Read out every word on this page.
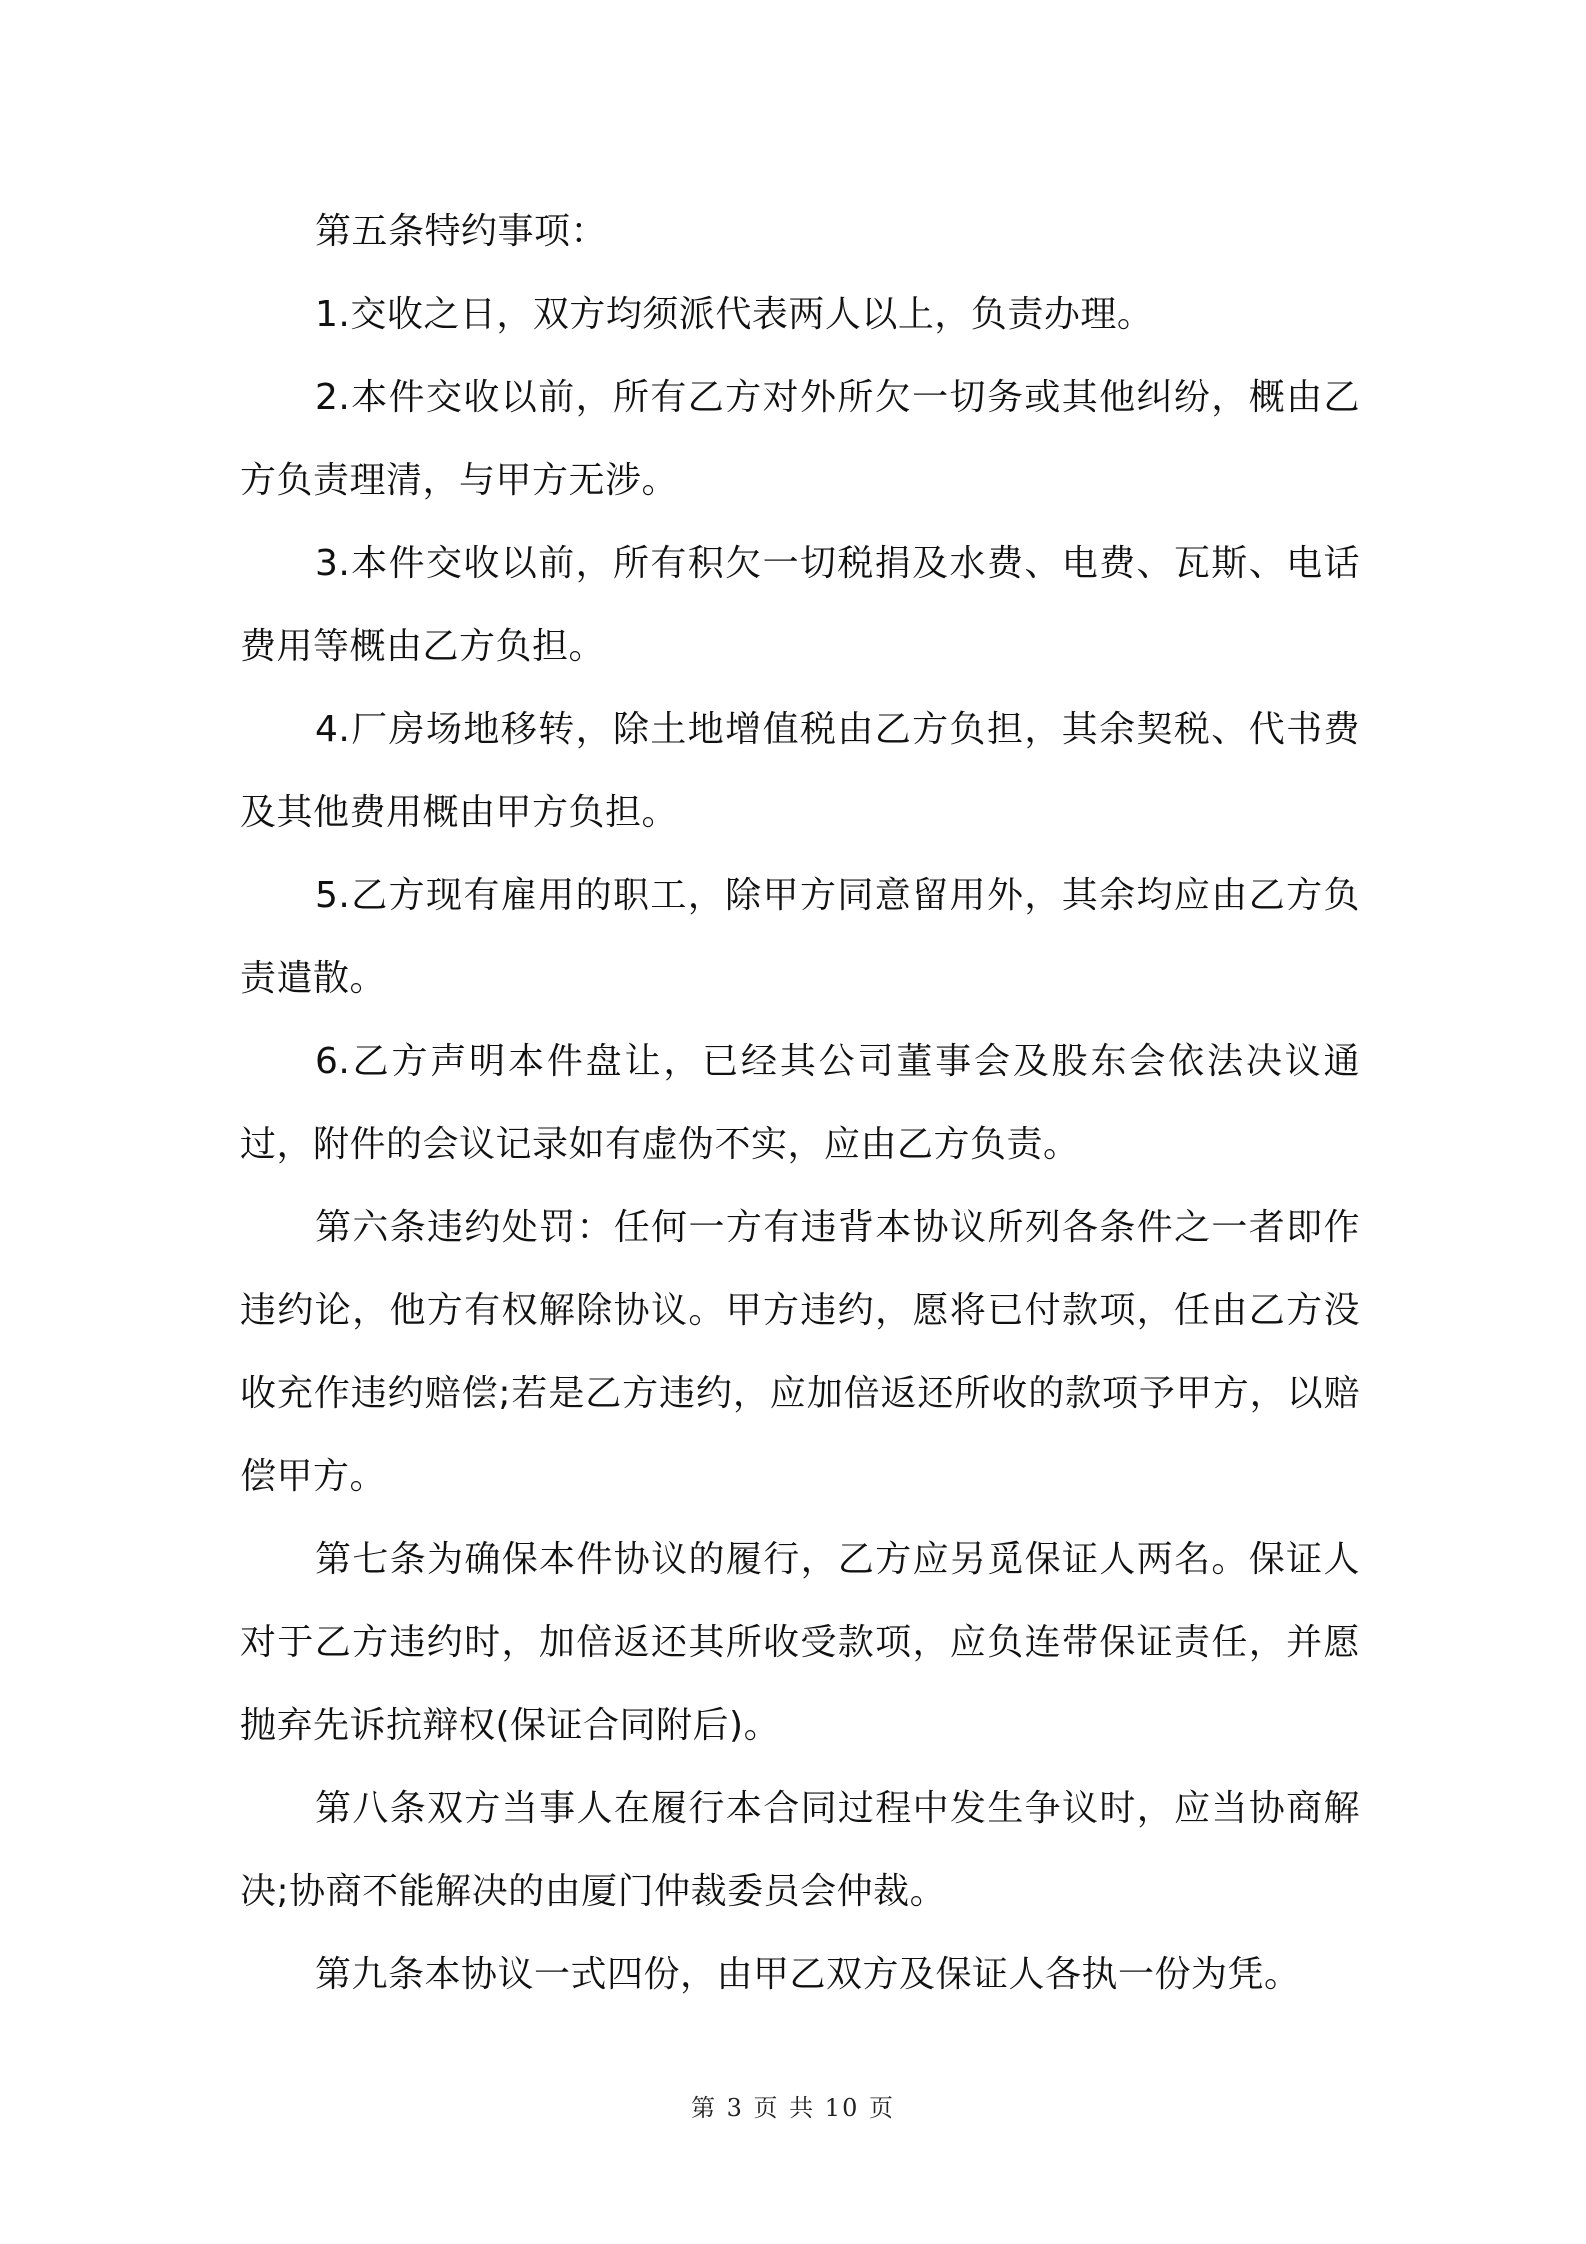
第五条特约事项：

1.交收之日，双方均须派代表两人以上，负责办理。

2.本件交收以前，所有乙方对外所欠一切务或其他纠纷，概由乙方负责理清，与甲方无涉。

3.本件交收以前，所有积欠一切税捐及水费、电费、瓦斯、电话费用等概由乙方负担。

4.厂房场地移转，除土地增值税由乙方负担，其余契税、代书费及其他费用概由甲方负担。

5.乙方现有雇用的职工，除甲方同意留用外，其余均应由乙方负责遣散。

6.乙方声明本件盘让，已经其公司董事会及股东会依法决议通过，附件的会议记录如有虚伪不实，应由乙方负责。

第六条违约处罚：任何一方有违背本协议所列各条件之一者即作违约论，他方有权解除协议。甲方违约，愿将已付款项，任由乙方没收充作违约赔偿;若是乙方违约，应加倍返还所收的款项予甲方，以赔偿甲方。

第七条为确保本件协议的履行，乙方应另觅保证人两名。保证人对于乙方违约时，加倍返还其所收受款项，应负连带保证责任，并愿抛弃先诉抗辩权(保证合同附后)。

第八条双方当事人在履行本合同过程中发生争议时，应当协商解决;协商不能解决的由厦门仲裁委员会仲裁。

第九条本协议一式四份，由甲乙双方及保证人各执一份为凭。

第 3 页 共 10 页
